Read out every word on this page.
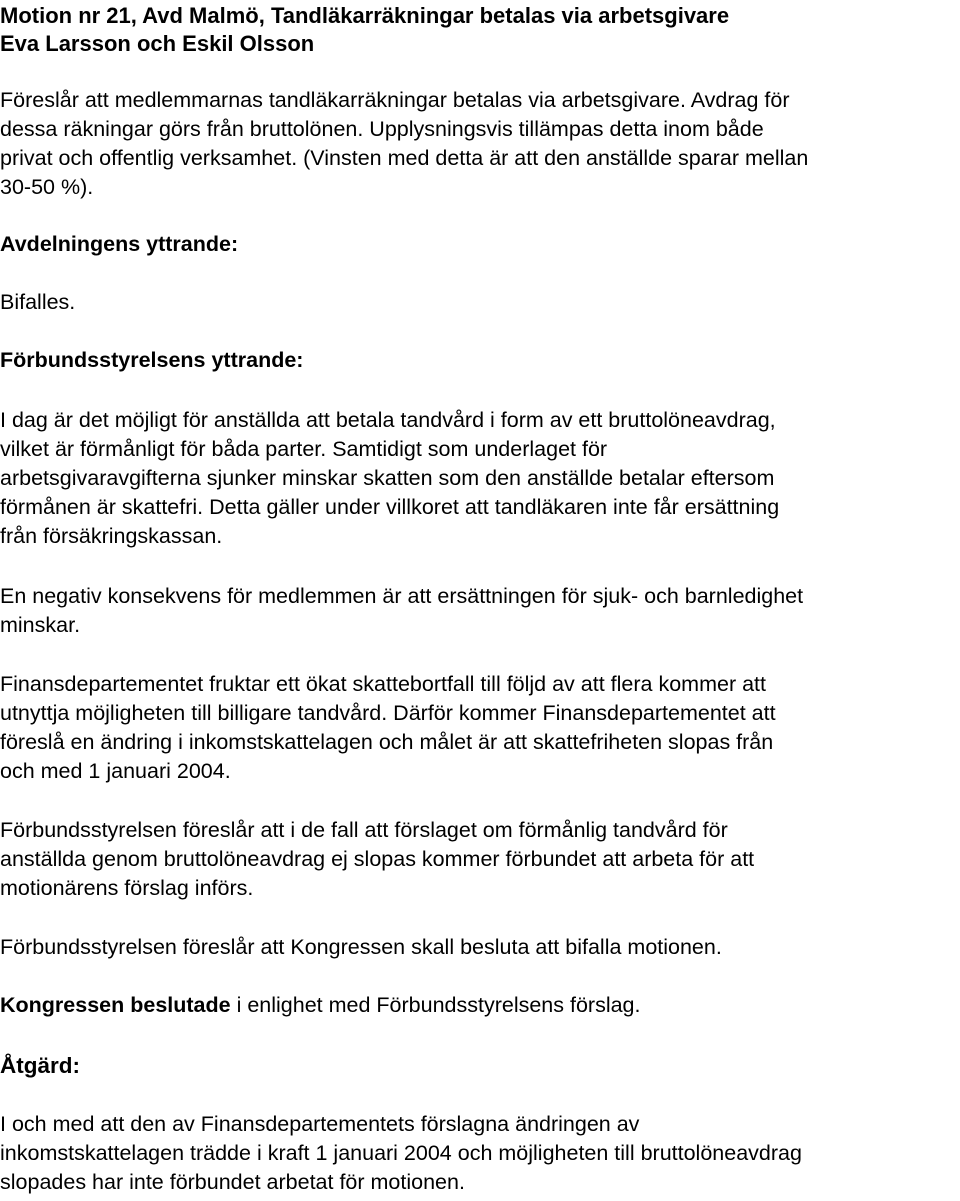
Motion nr 21, Avd Malmö, Tandläkarräkningar betalas via arbetsgivare
Eva Larsson och Eskil Olsson
Föreslår att medlemmarnas tandläkarräkningar betalas via arbetsgivare. Avdrag för
dessa räkningar görs från bruttolönen. Upplysningsvis tillämpas detta inom både
privat och offentlig verksamhet. (Vinsten med detta är att den anställde sparar mellan
30-50 %).
Avdelningens yttrande:
Bifalles.
Förbundsstyrelsens yttrande:
I dag är det möjligt för anställda att betala tandvård i form av ett bruttolöneavdrag,
vilket är förmånligt för båda parter. Samtidigt som underlaget för
arbetsgivaravgifterna sjunker minskar skatten som den anställde betalar eftersom
förmånen är skattefri. Detta gäller under villkoret att tandläkaren inte får ersättning
från försäkringskassan.
En negativ konsekvens för medlemmen är att ersättningen för sjuk- och barnledighet
minskar.
Finansdepartementet fruktar ett ökat skattebortfall till följd av att flera kommer att
utnyttja möjligheten till billigare tandvård. Därför kommer Finansdepartementet att
föreslå en ändring i inkomstskattelagen och målet är att skattefriheten slopas från
och med 1 januari 2004.
Förbundsstyrelsen föreslår att i de fall att förslaget om förmånlig tandvård för
anställda genom bruttolöneavdrag ej slopas kommer förbundet att arbeta för att
motionärens förslag införs.
Förbundsstyrelsen föreslår att Kongressen skall besluta att bifalla motionen.
Kongressen beslutade i enlighet med Förbundsstyrelsens förslag.
Åtgärd:
I och med att den av Finansdepartementets förslagna ändringen av
inkomstskattelagen trädde i kraft 1 januari 2004 och möjligheten till bruttolöneavdrag
slopades har inte förbundet arbetat för motionen.
